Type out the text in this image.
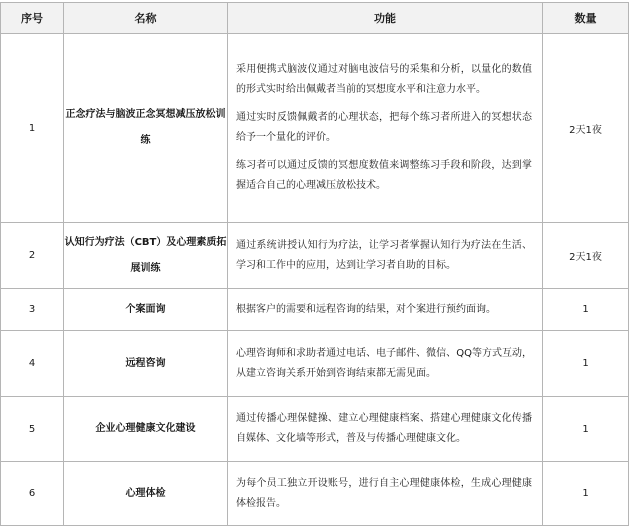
序号	名称	功能	数量
1	正念疗法与脑波正念冥想减压放松训练	采用便携式脑波仪通过对脑电波信号的采集和分析，以量化的数值的形式实时给出佩戴者当前的冥想度水平和注意力水平。

通过实时反馈佩戴者的心理状态，把每个练习者所进入的冥想状态给予一个量化的评价。

练习者可以通过反馈的冥想度数值来调整练习手段和阶段，达到掌握适合自己的心理减压放松技术。	2天1夜
2	认知行为疗法（CBT）及心理素质拓展训练	通过系统讲授认知行为疗法，让学习者掌握认知行为疗法在生活、学习和工作中的应用，达到让学习者自助的目标。	2天1夜
3	个案面询	根据客户的需要和远程咨询的结果，对个案进行预约面询。	1
4	远程咨询	心理咨询师和求助者通过电话、电子邮件、微信、QQ等方式互动，从建立咨询关系开始到咨询结束都无需见面。	1
5	企业心理健康文化建设	通过传播心理保健操、建立心理健康档案、搭建心理健康文化传播自媒体、文化墙等形式，普及与传播心理健康文化。	1
6	心理体检	为每个员工独立开设账号，进行自主心理健康体检，生成心理健康体检报告。	1
